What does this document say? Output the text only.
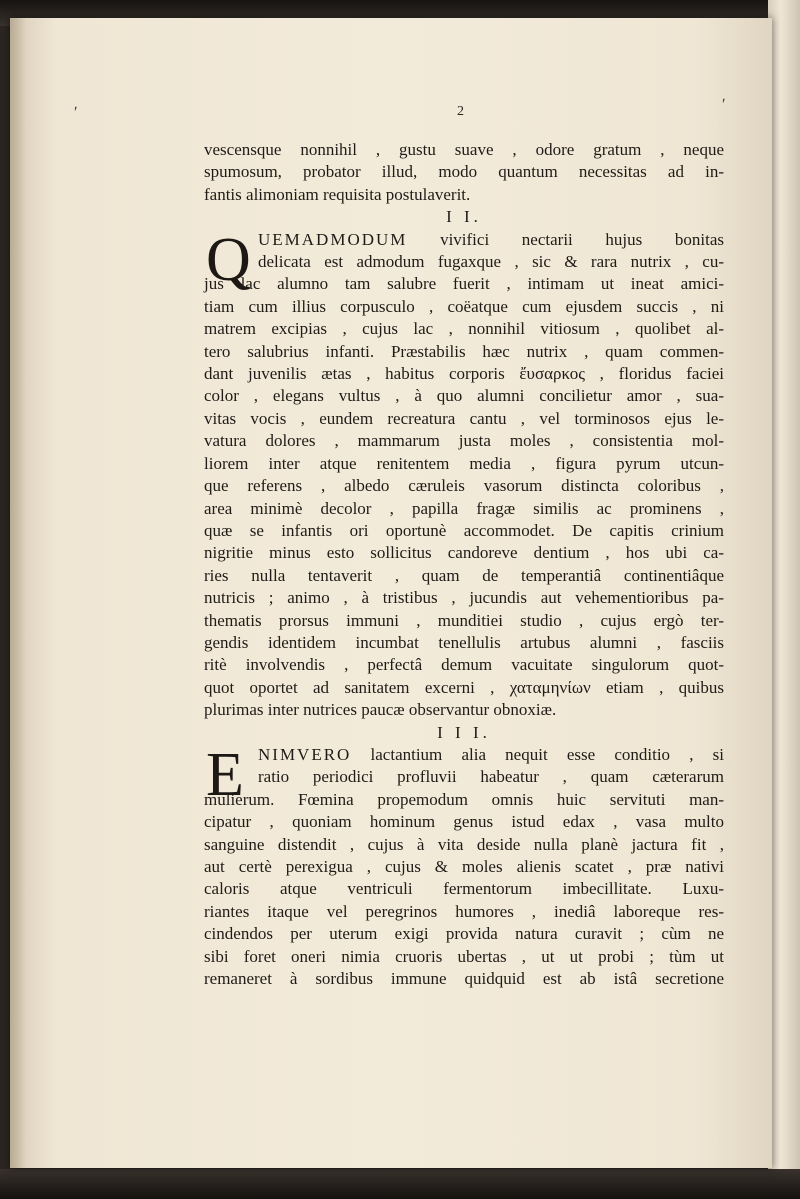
ʹ	ʹ
2
vescensque nonnihil , gustu suave , odore gratum , neque
spumosum, probator illud, modo quantum necessitas ad in-
fantis alimoniam requisita postulaverit.
I I.
Q UEMADMODUM vivifici nectarii hujus bonitas
delicata est admodum fugaxque , sic & rara nutrix , cu-
jus lac alumno tam salubre fuerit , intimam ut ineat amici-
tiam cum illius corpusculo , coëatque cum ejusdem succis , ni
matrem excipias , cujus lac , nonnihil vitiosum , quolibet al-
tero salubrius infanti. Præstabilis hæc nutrix , quam commen-
dant juvenilis ætas , habitus corporis ἔυσαρκος , floridus faciei
color , elegans vultus , à quo alumni concilietur amor , sua-
vitas vocis , eundem recreatura cantu , vel torminosos ejus le-
vatura dolores , mammarum justa moles , consistentia mol-
liorem inter atque renitentem media , figura pyrum utcun-
que referens , albedo cæruleis vasorum distincta coloribus ,
area minimè decolor , papilla fragæ similis ac prominens ,
quæ se infantis ori oportunè accommodet. De capitis crinium
nigritie minus esto sollicitus candoreve dentium , hos ubi ca-
ries nulla tentaverit , quam de temperantiâ continentiâque
nutricis ; animo , à tristibus , jucundis aut vehementioribus pa-
thematis prorsus immuni , munditiei studio , cujus ergò ter-
gendis identidem incumbat tenellulis artubus alumni , fasciis
ritè involvendis , perfectâ demum vacuitate singulorum quot-
quot oportet ad sanitatem excerni , χαταμηνίων etiam , quibus
plurimas inter nutrices paucæ observantur obnoxiæ.
I I I.
E NIMVERO lactantium alia nequit esse conditio , si
ratio periodici profluvii habeatur , quam cæterarum
mulierum. Fœmina propemodum omnis huic servituti man-
cipatur , quoniam hominum genus istud edax , vasa multo
sanguine distendit , cujus à vita deside nulla planè jactura fit ,
aut certè perexigua , cujus & moles alienis scatet , præ nativi
caloris atque ventriculi fermentorum imbecillitate. Luxu-
riantes itaque vel peregrinos humores , inediâ laboreque res-
cindendos per uterum exigi provida natura curavit ; cùm ne
sibi foret oneri nimia cruoris ubertas , ut ut probi ; tùm ut
remaneret à sordibus immune quidquid est ab istâ secretione
